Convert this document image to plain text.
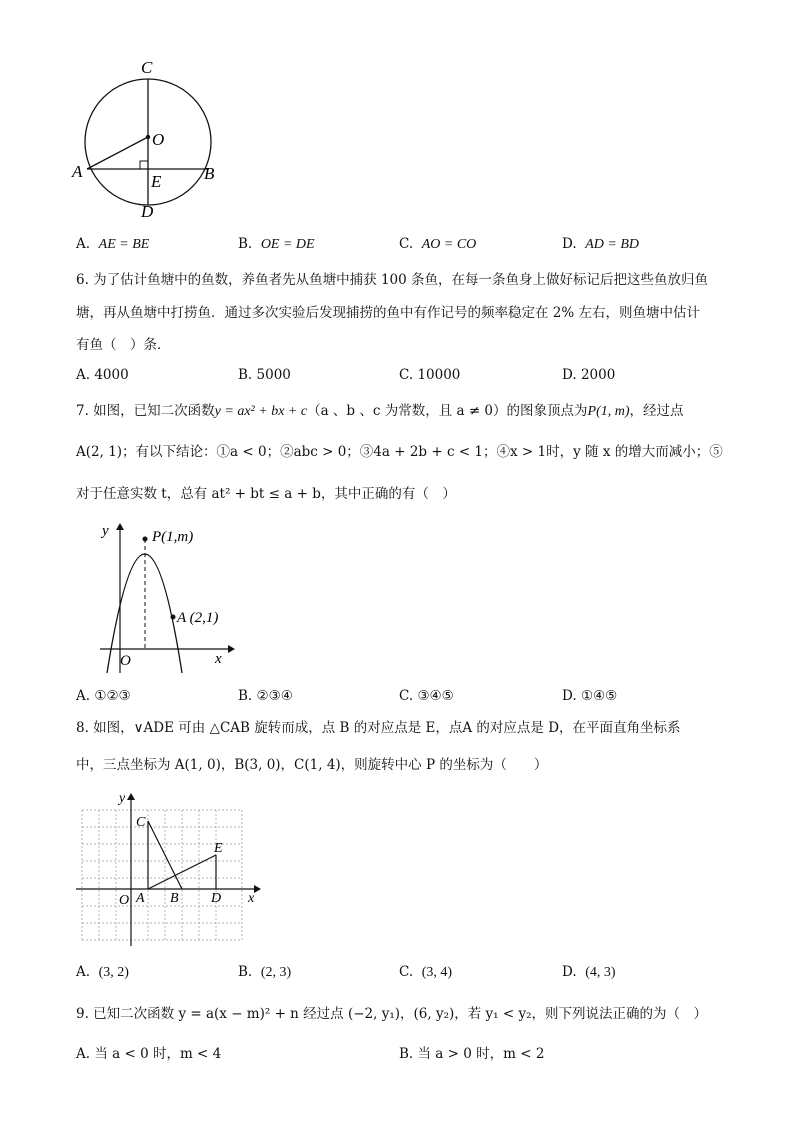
C
O
A	B
E
D
A. AE = BE	B. OE = DE	C. AO = CO	D. AD = BD
6. 为了估计鱼塘中的鱼数，养鱼者先从鱼塘中捕获 100 条鱼，在每一条鱼身上做好标记后把这些鱼放归鱼
塘，再从鱼塘中打捞鱼．通过多次实验后发现捕捞的鱼中有作记号的频率稳定在 2% 左右，则鱼塘中估计
有鱼（　）条．
A. 4000	B. 5000	C. 10000	D. 2000
7. 如图，已知二次函数y = ax² + bx + c（a 、b 、c 为常数，且 a ≠ 0）的图象顶点为P(1, m)，经过点
A(2, 1)；有以下结论：①a < 0；②abc > 0；③4a + 2b + c < 1；④x > 1时，y 随 x 的增大而减小；⑤
对于任意实数 t，总有 at² + bt ≤ a + b，其中正确的有（　）
y
x
O
P(1,m)
A (2,1)
A. ①②③	B. ②③④	C. ③④⑤	D. ①④⑤
8. 如图，∨ADE 可由 △CAB 旋转而成，点 B 的对应点是 E，点A 的对应点是 D，在平面直角坐标系
中，三点坐标为 A(1, 0)，B(3, 0)，C(1, 4)，则旋转中心 P 的坐标为（　　）
y
x
O A B
C
D
E
A. (3, 2)	B. (2, 3)	C. (3, 4)	D. (4, 3)
9. 已知二次函数 y = a(x − m)² + n 经过点 (−2, y₁)，(6, y₂)，若 y₁ < y₂，则下列说法正确的为（　）
A. 当 a < 0 时，m < 4	B. 当 a > 0 时，m < 2
